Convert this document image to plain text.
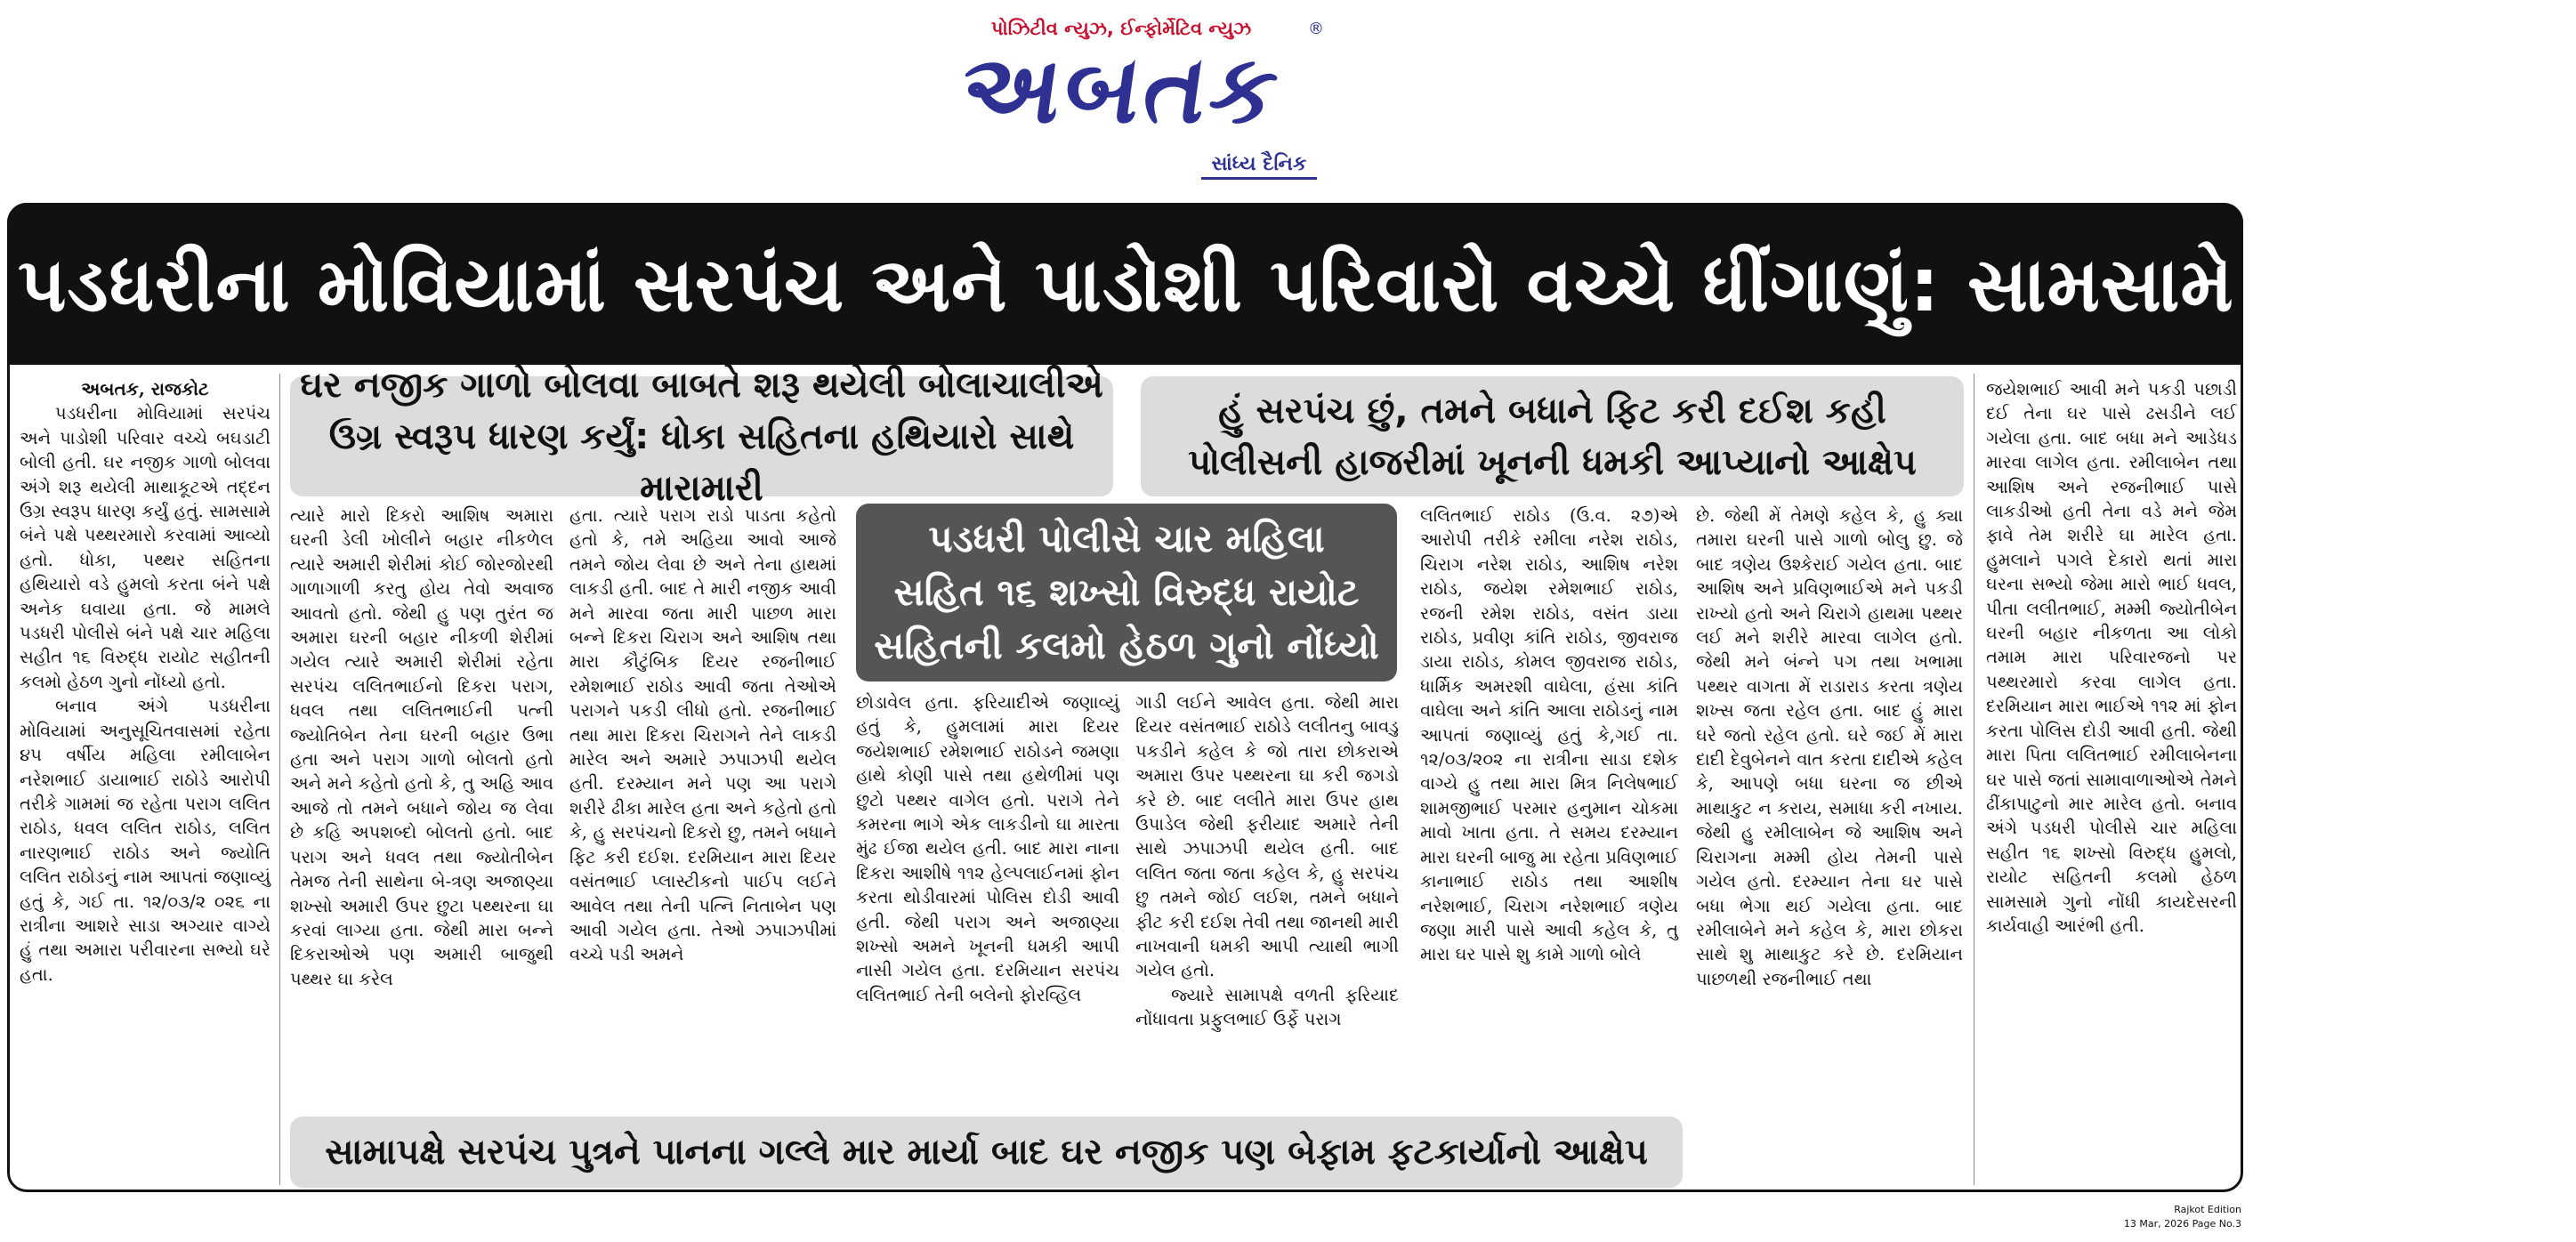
પોઝિટીવ ન્યુઝ, ઈન્ફોર્મેટિવ ન્યુઝ
અબતક
®
સાંધ્ય દૈનિક
પડધરીના મોવિયામાં સરપંચ અને પાડોશી પરિવારો વચ્ચે ધીંગાણું: સામસામે પથ્થરમારો
ઘર નજીક ગાળો બોલવા બાબતે શરૂ થયેલી બોલાચાલીએ
ઉગ્ર સ્વરૂપ ધારણ કર્યું: ધોકા સહિતના હથિયારો સાથે મારામારી
હું સરપંચ છું, તમને બધાને ફિટ કરી દઈશ કહી
પોલીસની હાજરીમાં ખૂનની ધમકી આપ્યાનો આક્ષેપ
પડધરી પોલીસે ચાર મહિલા
સહિત ૧૬ શખ્સો વિરુદ્ધ રાયોટ
સહિતની કલમો હેઠળ ગુનો નોંધ્યો
સામાપક્ષે સરપંચ પુત્રને પાનના ગલ્લે માર માર્યા બાદ ઘર નજીક પણ બેફામ ફટકાર્યાનો આક્ષેપ

અબતક, રાજકોટ

પડધરીના મોવિયામાં સરપંચ અને પાડોશી પરિવાર વચ્ચે બઘડાટી બોલી હતી. ઘર નજીક ગાળો બોલવા અંગે શરૂ થયેલી માથાકૂટએ તદ્દન ઉગ્ર સ્વરૂપ ધારણ કર્યું હતું. સામસામે બંને પક્ષે પથ્થરમારો કરવામાં આવ્યો હતો. ધોકા, પથ્થર સહિતના હથિયારો વડે હુમલો કરતા બંને પક્ષે અનેક ઘવાયા હતા. જે મામલે પડધરી પોલીસે બંને પક્ષે ચાર મહિલા સહીત ૧૬ વિરુદ્ધ રાયોટ સહીતની કલમો હેઠળ ગુનો નોંધ્યો હતો.

બનાવ અંગે પડધરીના મોવિયામાં અનુસૂચિતવાસમાં રહેતા ૪૫ વર્ષીય મહિલા રમીલાબેન નરેશભાઈ ડાયાભાઈ રાઠોડે આરોપી તરીકે ગામમાં જ રહેતા પરાગ લલિત રાઠોડ, ધવલ લલિત રાઠોડ, લલિત નારણભાઈ રાઠોડ અને જ્યોતિ લલિત રાઠોડનું નામ આપતાં જણાવ્યું હતું કે, ગઈ તા. ૧૨/૦૩/૨ ૦૨૬ ના રાત્રીના આશરે સાડા અગ્યાર વાગ્યે હું તથા અમારા પરીવારના સભ્યો ઘરે હતા.

ત્યારે મારો દિકરો આશિષ અમારા ઘરની ડેલી ખોલીને બહાર નીકળેલ ત્યારે અમારી શેરીમાં કોઈ જોરજોરથી ગાળાગાળી કરતુ હોય તેવો અવાજ આવતો હતો. જેથી હુ પણ તુરંત જ અમારા ઘરની બહાર નીકળી શેરીમાં ગયેલ ત્યારે અમારી શેરીમાં રહેતા સરપંચ લલિતભાઈનો દિકરા પરાગ, ધવલ તથા લલિતભાઈની પત્ની જ્યોતિબેન તેના ઘરની બહાર ઉભા હતા અને પરાગ ગાળો બોલતો હતો અને મને કહેતો હતો કે, તુ અહિ આવ આજે તો તમને બધાને જોય જ લેવા છે કહિ અપશબ્દો બોલતો હતો. બાદ પરાગ અને ધવલ તથા જ્યોતીબેન તેમજ તેની સાથેના બે-ત્રણ અજાણ્યા શખ્સો અમારી ઉપર છુટા પથ્થરના ઘા કરવાં લાગ્યા હતા. જેથી મારા બન્ને દિકરાઓએ પણ અમારી બાજુથી પથ્થર ઘા કરેલ

હતા. ત્યારે પરાગ રાડો પાડતા કહેતો હતો કે, તમે અહિયા આવો આજે તમને જોય લેવા છે અને તેના હાથમાં લાકડી હતી. બાદ તે મારી નજીક આવી મને મારવા જતા મારી પાછળ મારા બન્ને દિકરા ચિરાગ અને આશિષ તથા મારા કૌટુંબિક દિયર રજનીભાઈ રમેશભાઈ રાઠોડ આવી જતા તેઓએ પરાગને પકડી લીધો હતો. રજનીભાઈ તથા મારા દિકરા ચિરાગને તેને લાકડી મારેલ અને અમારે ઝપાઝપી થયેલ હતી. દરમ્યાન મને પણ આ પરાગે શરીરે ઢીકા મારેલ હતા અને કહેતો હતો કે, હુ સરપંચનો દિકરો છુ, તમને બધાને ફિટ કરી દઈશ. દરમિયાન મારા દિયર વસંતભાઈ પ્લાસ્ટીકનો પાઈપ લઈને આવેલ તથા તેની પત્નિ નિતાબેન પણ આવી ગયેલ હતા. તેઓ ઝપાઝપીમાં વચ્ચે પડી અમને

છોડાવેલ હતા. ફરિયાદીએ જણાવ્યું હતું કે, હુમલામાં મારા દિયર જયેશભાઈ રમેશભાઈ રાઠોડને જમણા હાથે કોણી પાસે તથા હથેળીમાં પણ છુટો પથ્થર વાગેલ હતો. પરાગે તેને કમરના ભાગે એક લાકડીનો ઘા મારતા મુંઢ ઈજા થયેલ હતી. બાદ મારા નાના દિકરા આશીષે ૧૧૨ હેલ્પલાઈનમાં ફોન કરતા થોડીવારમાં પોલિસ દોડી આવી હતી. જેથી પરાગ અને અજાણ્યા શખ્સો અમને ખૂનની ધમકી આપી નાસી ગયેલ હતા. દરમિયાન સરપંચ લલિતભાઈ તેની બલેનો ફોરવ્હિલ

ગાડી લઈને આવેલ હતા. જેથી મારા દિયર વસંતભાઈ રાઠોડે લલીતનુ બાવડુ પકડીને કહેલ કે જો તારા છોકરાએ અમારા ઉપર પથ્થરના ઘા કરી જગડો કરે છે. બાદ લલીતે મારા ઉપર હાથ ઉપાડેલ જેથી ફરીયાદ અમારે તેની સાથે ઝપાઝપી થયેલ હતી. બાદ લલિત જતા જતા કહેલ કે, હુ સરપંચ છુ તમને જોઈ લઈશ, તમને બધાને ફીટ કરી દઈશ તેવી તથા જાનથી મારી નાખવાની ધમકી આપી ત્યાથી ભાગી ગયેલ હતો.

જ્યારે સામાપક્ષે વળતી ફરિયાદ નોંધાવતા પ્રફુલભાઈ ઉર્ફે પરાગ

લલિતભાઈ રાઠોડ (ઉ.વ. ૨૭)એ આરોપી તરીકે રમીલા નરેશ રાઠોડ, ચિરાગ નરેશ રાઠોડ, આશિષ નરેશ રાઠોડ, જયેશ રમેશભાઈ રાઠોડ, રજની રમેશ રાઠોડ, વસંત ડાયા રાઠોડ, પ્રવીણ કાંતિ રાઠોડ, જીવરાજ ડાયા રાઠોડ, કોમલ જીવરાજ રાઠોડ, ધાર્મિક અમરશી વાઘેલા, હંસા કાંતિ વાઘેલા અને કાંતિ આલા રાઠોડનું નામ આપતાં જણાવ્યું હતું કે,ગઈ તા. ૧૨/૦૩/૨૦૨ ના રાત્રીના સાડા દશેક વાગ્યે હુ તથા મારા મિત્ર નિલેષભાઈ શામજીભાઈ પરમાર હનુમાન ચોકમા માવો ખાતા હતા. તે સમય દરમ્યાન મારા ઘરની બાજુ મા રહેતા પ્રવિણભાઈ કાનાભાઈ રાઠોડ તથા આશીષ નરેશભાઈ, ચિરાગ નરેશભાઈ ત્રણેય જણા મારી પાસે આવી કહેલ કે, તુ મારા ઘર પાસે શુ કામે ગાળો બોલે

છે. જેથી મેં તેમણે કહેલ કે, હુ ક્યા તમારા ઘરની પાસે ગાળો બોલુ છુ. જે બાદ ત્રણેય ઉશ્કેરાઈ ગયેલ હતા. બાદ આશિષ અને પ્રવિણભાઈએ મને પકડી રાખ્યો હતો અને ચિરાગે હાથમા પથ્થર લઈ મને શરીરે મારવા લાગેલ હતો. જેથી મને બંન્ને પગ તથા ખભામા પથ્થર વાગતા મેં રાડારાડ કરતા ત્રણેય શખ્સ જતા રહેલ હતા. બાદ હું મારા ઘરે જતો રહેલ હતો. ઘરે જઈ મેં મારા દાદી દેવુબેનને વાત કરતા દાદીએ કહેલ કે, આપણે બધા ઘરના જ છીએ માથાકુટ ન કરાય, સમાધા કરી નખાય. જેથી હુ રમીલાબેન જે આશિષ અને ચિરાગના મમ્મી હોય તેમની પાસે ગયેલ હતો. દરમ્યાન તેના ઘર પાસે બધા ભેગા થઈ ગયેલા હતા. બાદ રમીલાબેને મને કહેલ કે, મારા છોકરા સાથે શુ માથાકુટ કરે છે. દરમિયાન પાછળથી રજનીભાઈ તથા

જયેશભાઈ આવી મને પકડી પછાડી દઈ તેના ઘર પાસે ઢસડીને લઈ ગયેલા હતા. બાદ બધા મને આડેધડ મારવા લાગેલ હતા. રમીલાબેન તથા આશિષ અને રજનીભાઈ પાસે લાકડીઓ હતી તેના વડે મને જેમ ફાવે તેમ શરીરે ઘા મારેલ હતા. હુમલાને પગલે દેકારો થતાં મારા ઘરના સભ્યો જેમા મારો ભાઈ ધવલ, પીતા લલીતભાઈ, મમ્મી જ્યોતીબેન ઘરની બહાર નીકળતા આ લોકો તમામ મારા પરિવારજનો પર પથ્થરમારો કરવા લાગેલ હતા. દરમિયાન મારા ભાઈએ ૧૧૨ માં ફોન કરતા પોલિસ દોડી આવી હતી. જેથી મારા પિતા લલિતભાઈ રમીલાબેનના ઘર પાસે જતાં સામાવાળાઓએ તેમને ઢીંકાપાટુનો માર મારેલ હતો. બનાવ અંગે પડધરી પોલીસે ચાર મહિલા સહીત ૧૬ શખ્સો વિરુદ્ધ હુમલો, રાયોટ સહિતની કલમો હેઠળ સામસામે ગુનો નોંધી કાયદેસરની કાર્યવાહી આરંભી હતી.

Rajkot Edition
13 Mar, 2026 Page No.3
